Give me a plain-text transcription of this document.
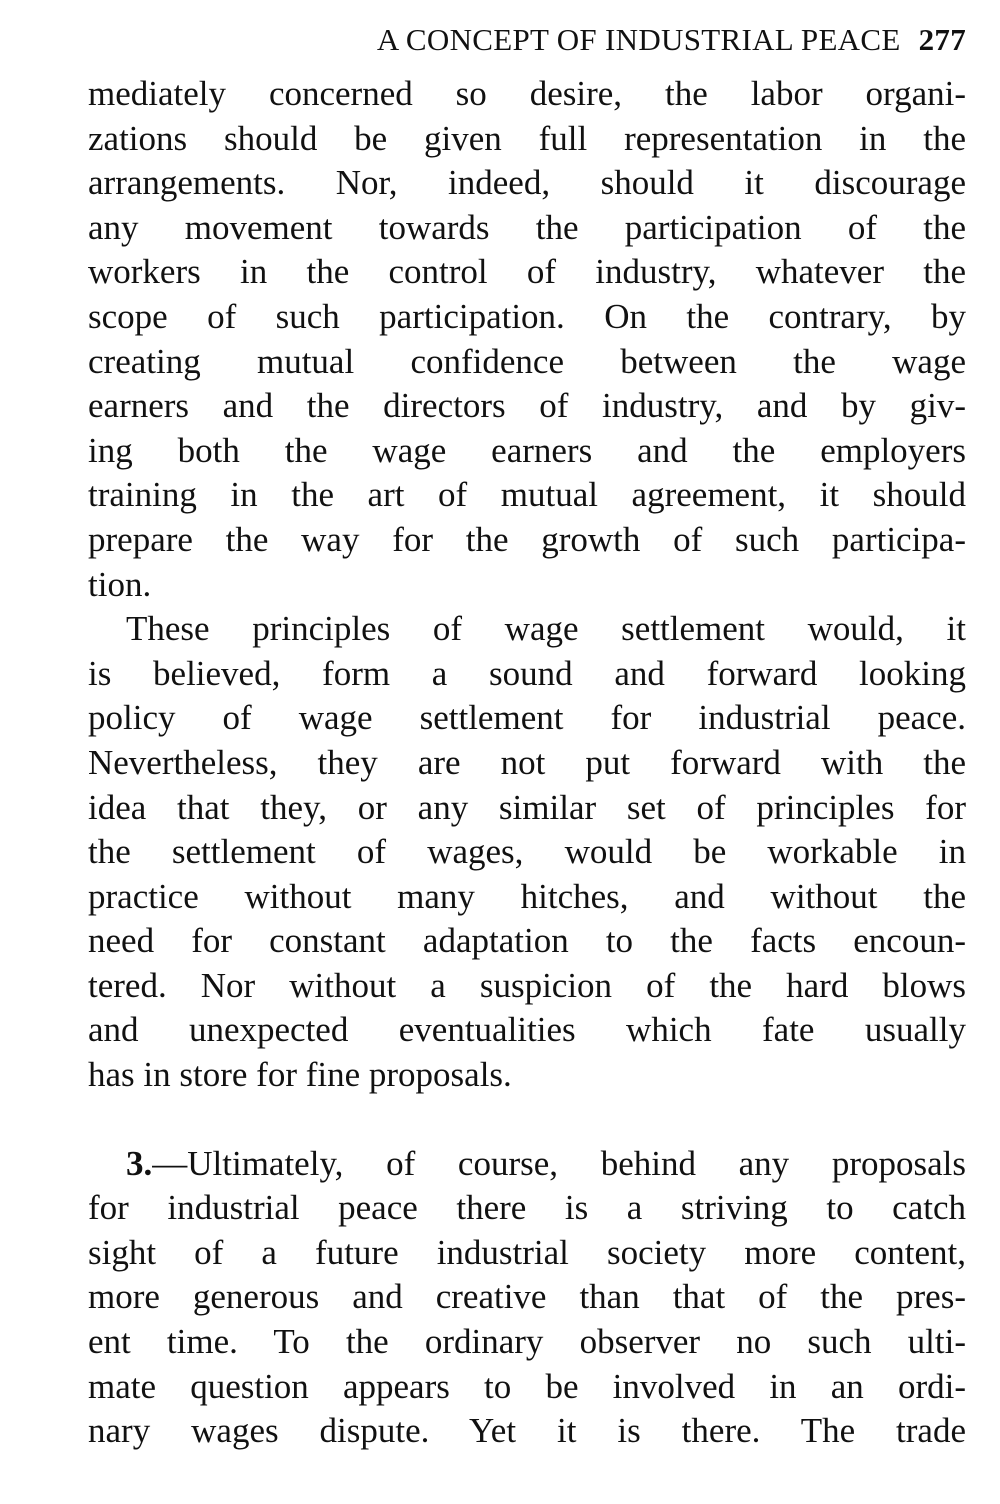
A CONCEPT OF INDUSTRIAL PEACE 277

mediately concerned so desire, the labor organi-
zations should be given full representation in the
arrangements. Nor, indeed, should it discourage
any movement towards the participation of the
workers in the control of industry, whatever the
scope of such participation. On the contrary, by
creating mutual confidence between the wage
earners and the directors of industry, and by giv-
ing both the wage earners and the employers
training in the art of mutual agreement, it should
prepare the way for the growth of such participa-
tion.

These principles of wage settlement would, it
is believed, form a sound and forward looking
policy of wage settlement for industrial peace.
Nevertheless, they are not put forward with the
idea that they, or any similar set of principles for
the settlement of wages, would be workable in
practice without many hitches, and without the
need for constant adaptation to the facts encoun-
tered. Nor without a suspicion of the hard blows
and unexpected eventualities which fate usually
has in store for fine proposals.

3.—Ultimately, of course, behind any proposals
for industrial peace there is a striving to catch
sight of a future industrial society more content,
more generous and creative than that of the pres-
ent time. To the ordinary observer no such ulti-
mate question appears to be involved in an ordi-
nary wages dispute. Yet it is there. The trade
